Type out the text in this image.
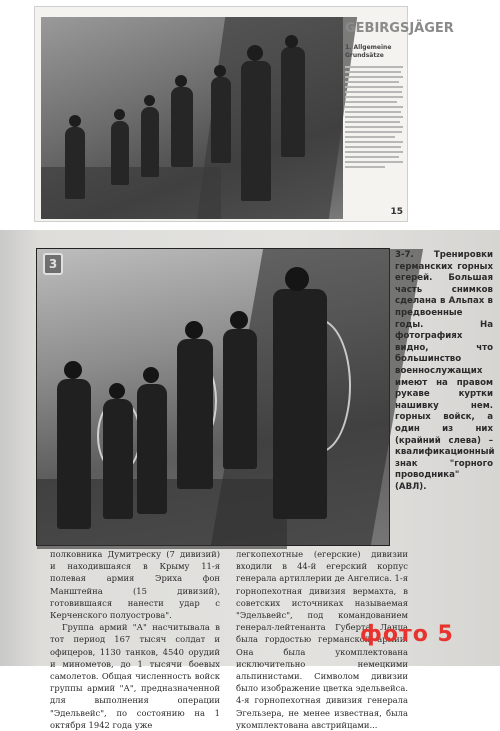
GEBIRGSJÄGER
1. Allgemeine Grundsätze
15
3
3-7. Тренировки германских горных егерей. Большая часть снимков сделана в Альпах в предвоенные годы. На фотографиях видно, что большинство военнослужащих имеют на правом рукаве куртки нашивку нем. горных войск, а один из них (крайний слева) – квалификационный знак "горного проводника" (АВЛ).

полковника Думитреску (7 дивизий) и находившаяся в Крыму 11-я полевая армия Эриха фон Манштейна (15 дивизий), готовившаяся нанести удар с Керченского полуострова".

Группа армий "А" насчитывала в тот период 167 тысяч солдат и офицеров, 1130 танков, 4540 орудий и минометов, до 1 тысячи боевых самолетов. Общая численность войск группы армий "А", предназначенной для выполнения операции "Эдельвейс", по состоянию на 1 октября 1942 года уже

легкопехотные (егерские) дивизии входили в 44-й егерский корпус генерала артиллерии де Ангелиса. 1-я горнопехотная дивизия вермахта, в советских источниках называемая "Эдельвейс", под командованием генерал-лейтенанта Губерта Ланца была гордостью германской армии. Она была укомплектована исключительно немецкими альпинистами. Символом дивизии было изображение цветка эдельвейса. 4-я горнопехотная дивизия генерала Эгельзера, не менее известная, была укомплектована австрийцами...

фото 5
